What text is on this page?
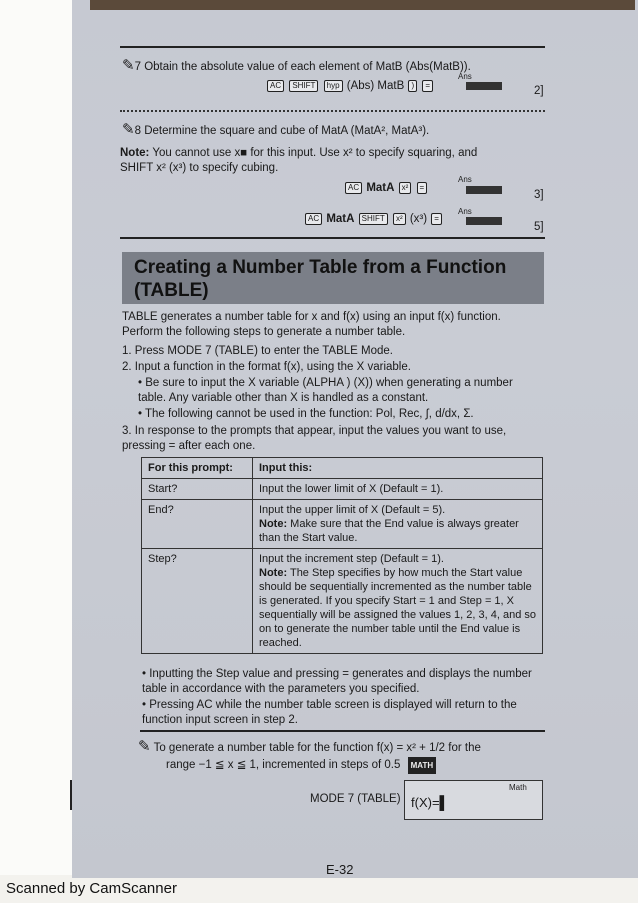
✎7 Obtain the absolute value of each element of MatB (Abs(MatB)).
AC SHIFT hyp (Abs) MatB ) =
Ans
2]
✎8 Determine the square and cube of MatA (MatA², MatA³).
Note: You cannot use x■ for this input. Use x² to specify squaring, and
SHIFT x² (x³) to specify cubing.
AC MatA x² =
Ans
3]
AC MatA SHIFT x² (x³) =
Ans
5]
Creating a Number Table from a Function (TABLE)
TABLE generates a number table for x and f(x) using an input f(x) function. Perform the following steps to generate a number table.
1. Press MODE 7 (TABLE) to enter the TABLE Mode.
2. Input a function in the format f(x), using the X variable.
• Be sure to input the X variable (ALPHA ) (X)) when generating a number table. Any variable other than X is handled as a constant.
• The following cannot be used in the function: Pol, Rec, ∫, d/dx, Σ.
3. In response to the prompts that appear, input the values you want to use, pressing = after each one.
For this prompt:	Input this:
Start?	Input the lower limit of X (Default = 1).
End?	Input the upper limit of X (Default = 5).
Note: Make sure that the End value is always greater than the Start value.
Step?	Input the increment step (Default = 1).
Note: The Step specifies by how much the Start value should be sequentially incremented as the number table is generated. If you specify Start = 1 and Step = 1, X sequentially will be assigned the values 1, 2, 3, 4, and so on to generate the number table until the End value is reached.
• Inputting the Step value and pressing = generates and displays the number table in accordance with the parameters you specified.
• Pressing AC while the number table screen is displayed will return to the function input screen in step 2.
✎ To generate a number table for the function f(x) = x² + 1/2 for the
range −1 ≦ x ≦ 1, incremented in steps of 0.5 MATH
MODE 7 (TABLE)
Math
f(X)=▌
E-32
Scanned by CamScanner
